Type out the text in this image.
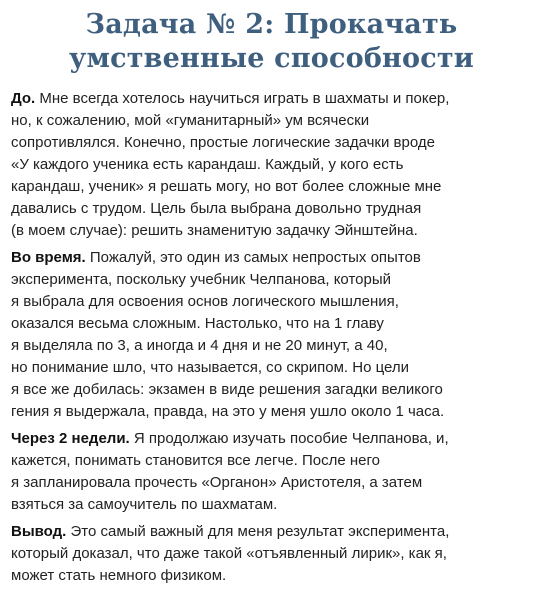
Задача № 2: Прокачать
умственные способности
До. Мне всегда хотелось научиться играть в шахматы и покер,
но, к сожалению, мой «гуманитарный» ум всячески
сопротивлялся. Конечно, простые логические задачки вроде
«У каждого ученика есть карандаш. Каждый, у кого есть
карандаш, ученик» я решать могу, но вот более сложные мне
давались с трудом. Цель была выбрана довольно трудная
(в моем случае): решить знаменитую задачку Эйнштейна.
Во время. Пожалуй, это один из самых непростых опытов
эксперимента, поскольку учебник Челпанова, который
я выбрала для освоения основ логического мышления,
оказался весьма сложным. Настолько, что на 1 главу
я выделяла по 3, а иногда и 4 дня и не 20 минут, а 40,
но понимание шло, что называется, со скрипом. Но цели
я все же добилась: экзамен в виде решения загадки великого
гения я выдержала, правда, на это у меня ушло около 1 часа.
Через 2 недели. Я продолжаю изучать пособие Челпанова, и,
кажется, понимать становится все легче. После него
я запланировала прочесть «Органон» Аристотеля, а затем
взяться за самоучитель по шахматам.
Вывод. Это самый важный для меня результат эксперимента,
который доказал, что даже такой «отъявленный лирик», как я,
может стать немного физиком.
